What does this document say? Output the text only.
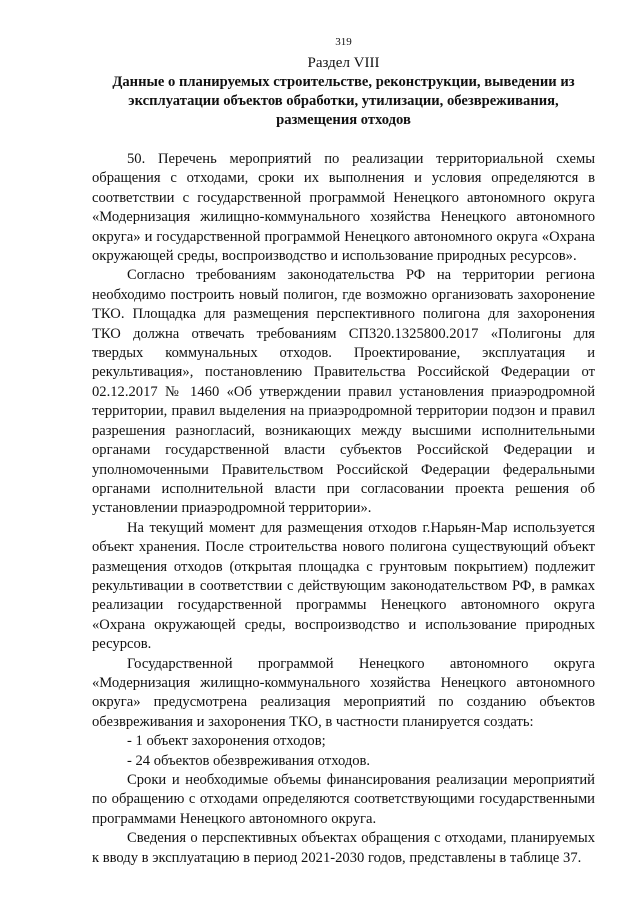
319
Раздел VIII
Данные о планируемых строительстве, реконструкции, выведении из эксплуатации объектов обработки, утилизации, обезвреживания, размещения отходов

50. Перечень мероприятий по реализации территориальной схемы обращения с отходами, сроки их выполнения и условия определяются в соответствии с государственной программой Ненецкого автономного округа «Модернизация жилищно-коммунального хозяйства Ненецкого автономного округа» и государственной программой Ненецкого автономного округа «Охрана окружающей среды, воспроизводство и использование природных ресурсов».

Согласно требованиям законодательства РФ на территории региона необходимо построить новый полигон, где возможно организовать захоронение ТКО. Площадка для размещения перспективного полигона для захоронения ТКО должна отвечать требованиям СП320.1325800.2017 «Полигоны для твердых коммунальных отходов. Проектирование, эксплуатация и рекультивация», постановлению Правительства Российской Федерации от 02.12.2017 № 1460 «Об утверждении правил установления приаэродромной территории, правил выделения на приаэродромной территории подзон и правил разрешения разногласий, возникающих между высшими исполнительными органами государственной власти субъектов Российской Федерации и уполномоченными Правительством Российской Федерации федеральными органами исполнительной власти при согласовании проекта решения об установлении приаэродромной территории».

На текущий момент для размещения отходов г.Нарьян-Мар используется объект хранения. После строительства нового полигона существующий объект размещения отходов (открытая площадка с грунтовым покрытием) подлежит рекультивации в соответствии с действующим законодательством РФ, в рамках реализации государственной программы Ненецкого автономного округа «Охрана окружающей среды, воспроизводство и использование природных ресурсов.

Государственной программой Ненецкого автономного округа «Модернизация жилищно-коммунального хозяйства Ненецкого автономного округа» предусмотрена реализация мероприятий по созданию объектов обезвреживания и захоронения ТКО, в частности планируется создать:

- 1 объект захоронения отходов;

- 24 объектов обезвреживания отходов.

Сроки и необходимые объемы финансирования реализации мероприятий по обращению с отходами определяются соответствующими государственными программами Ненецкого автономного округа.

Сведения о перспективных объектах обращения с отходами, планируемых к вводу в эксплуатацию в период 2021-2030 годов, представлены в таблице 37.
